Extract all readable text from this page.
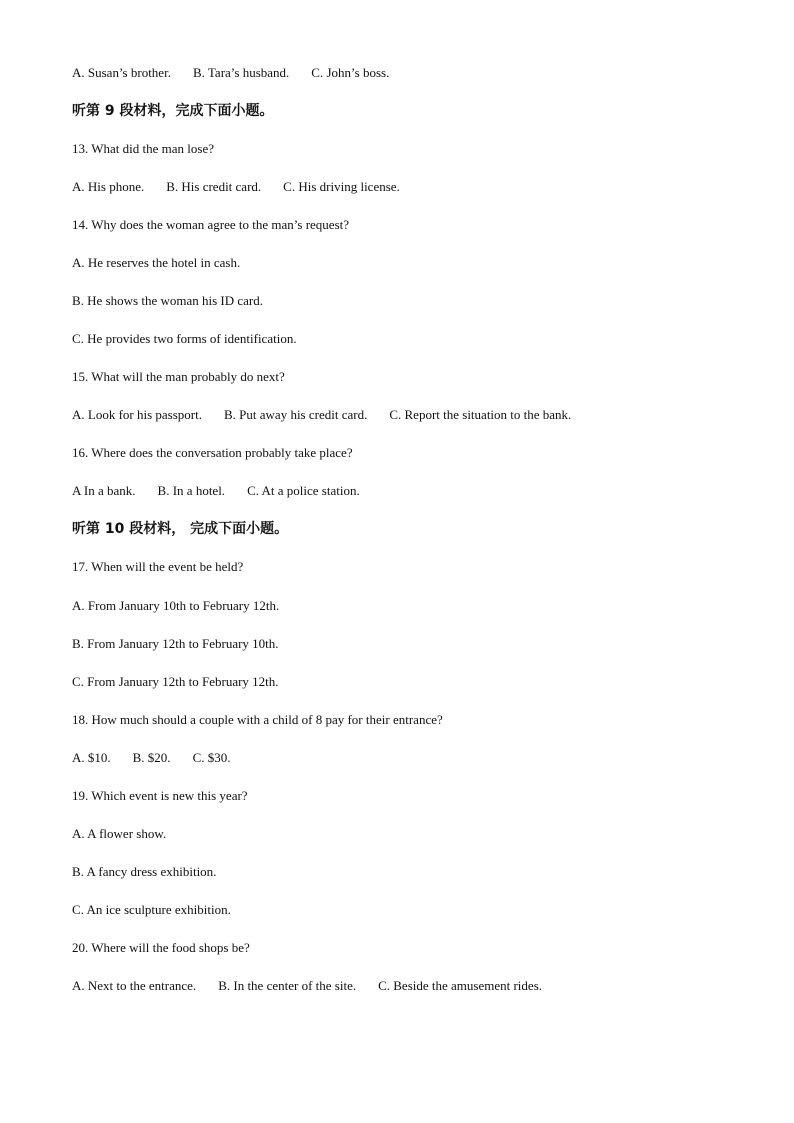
A. Susan’s brother. B. Tara’s husband. C. John’s boss.
听第 9 段材料，完成下面小题。
13. What did the man lose?
A. His phone. B. His credit card. C. His driving license.
14. Why does the woman agree to the man’s request?
A. He reserves the hotel in cash.
B. He shows the woman his ID card.
C. He provides two forms of identification.
15. What will the man probably do next?
A. Look for his passport. B. Put away his credit card. C. Report the situation to the bank.
16. Where does the conversation probably take place?
A In a bank. B. In a hotel. C. At a police station.
听第 10 段材料， 完成下面小题。
17. When will the event be held?
A. From January 10th to February 12th.
B. From January 12th to February 10th.
C. From January 12th to February 12th.
18. How much should a couple with a child of 8 pay for their entrance?
A. $10. B. $20. C. $30.
19. Which event is new this year?
A. A flower show.
B. A fancy dress exhibition.
C. An ice sculpture exhibition.
20. Where will the food shops be?
A. Next to the entrance. B. In the center of the site. C. Beside the amusement rides.
